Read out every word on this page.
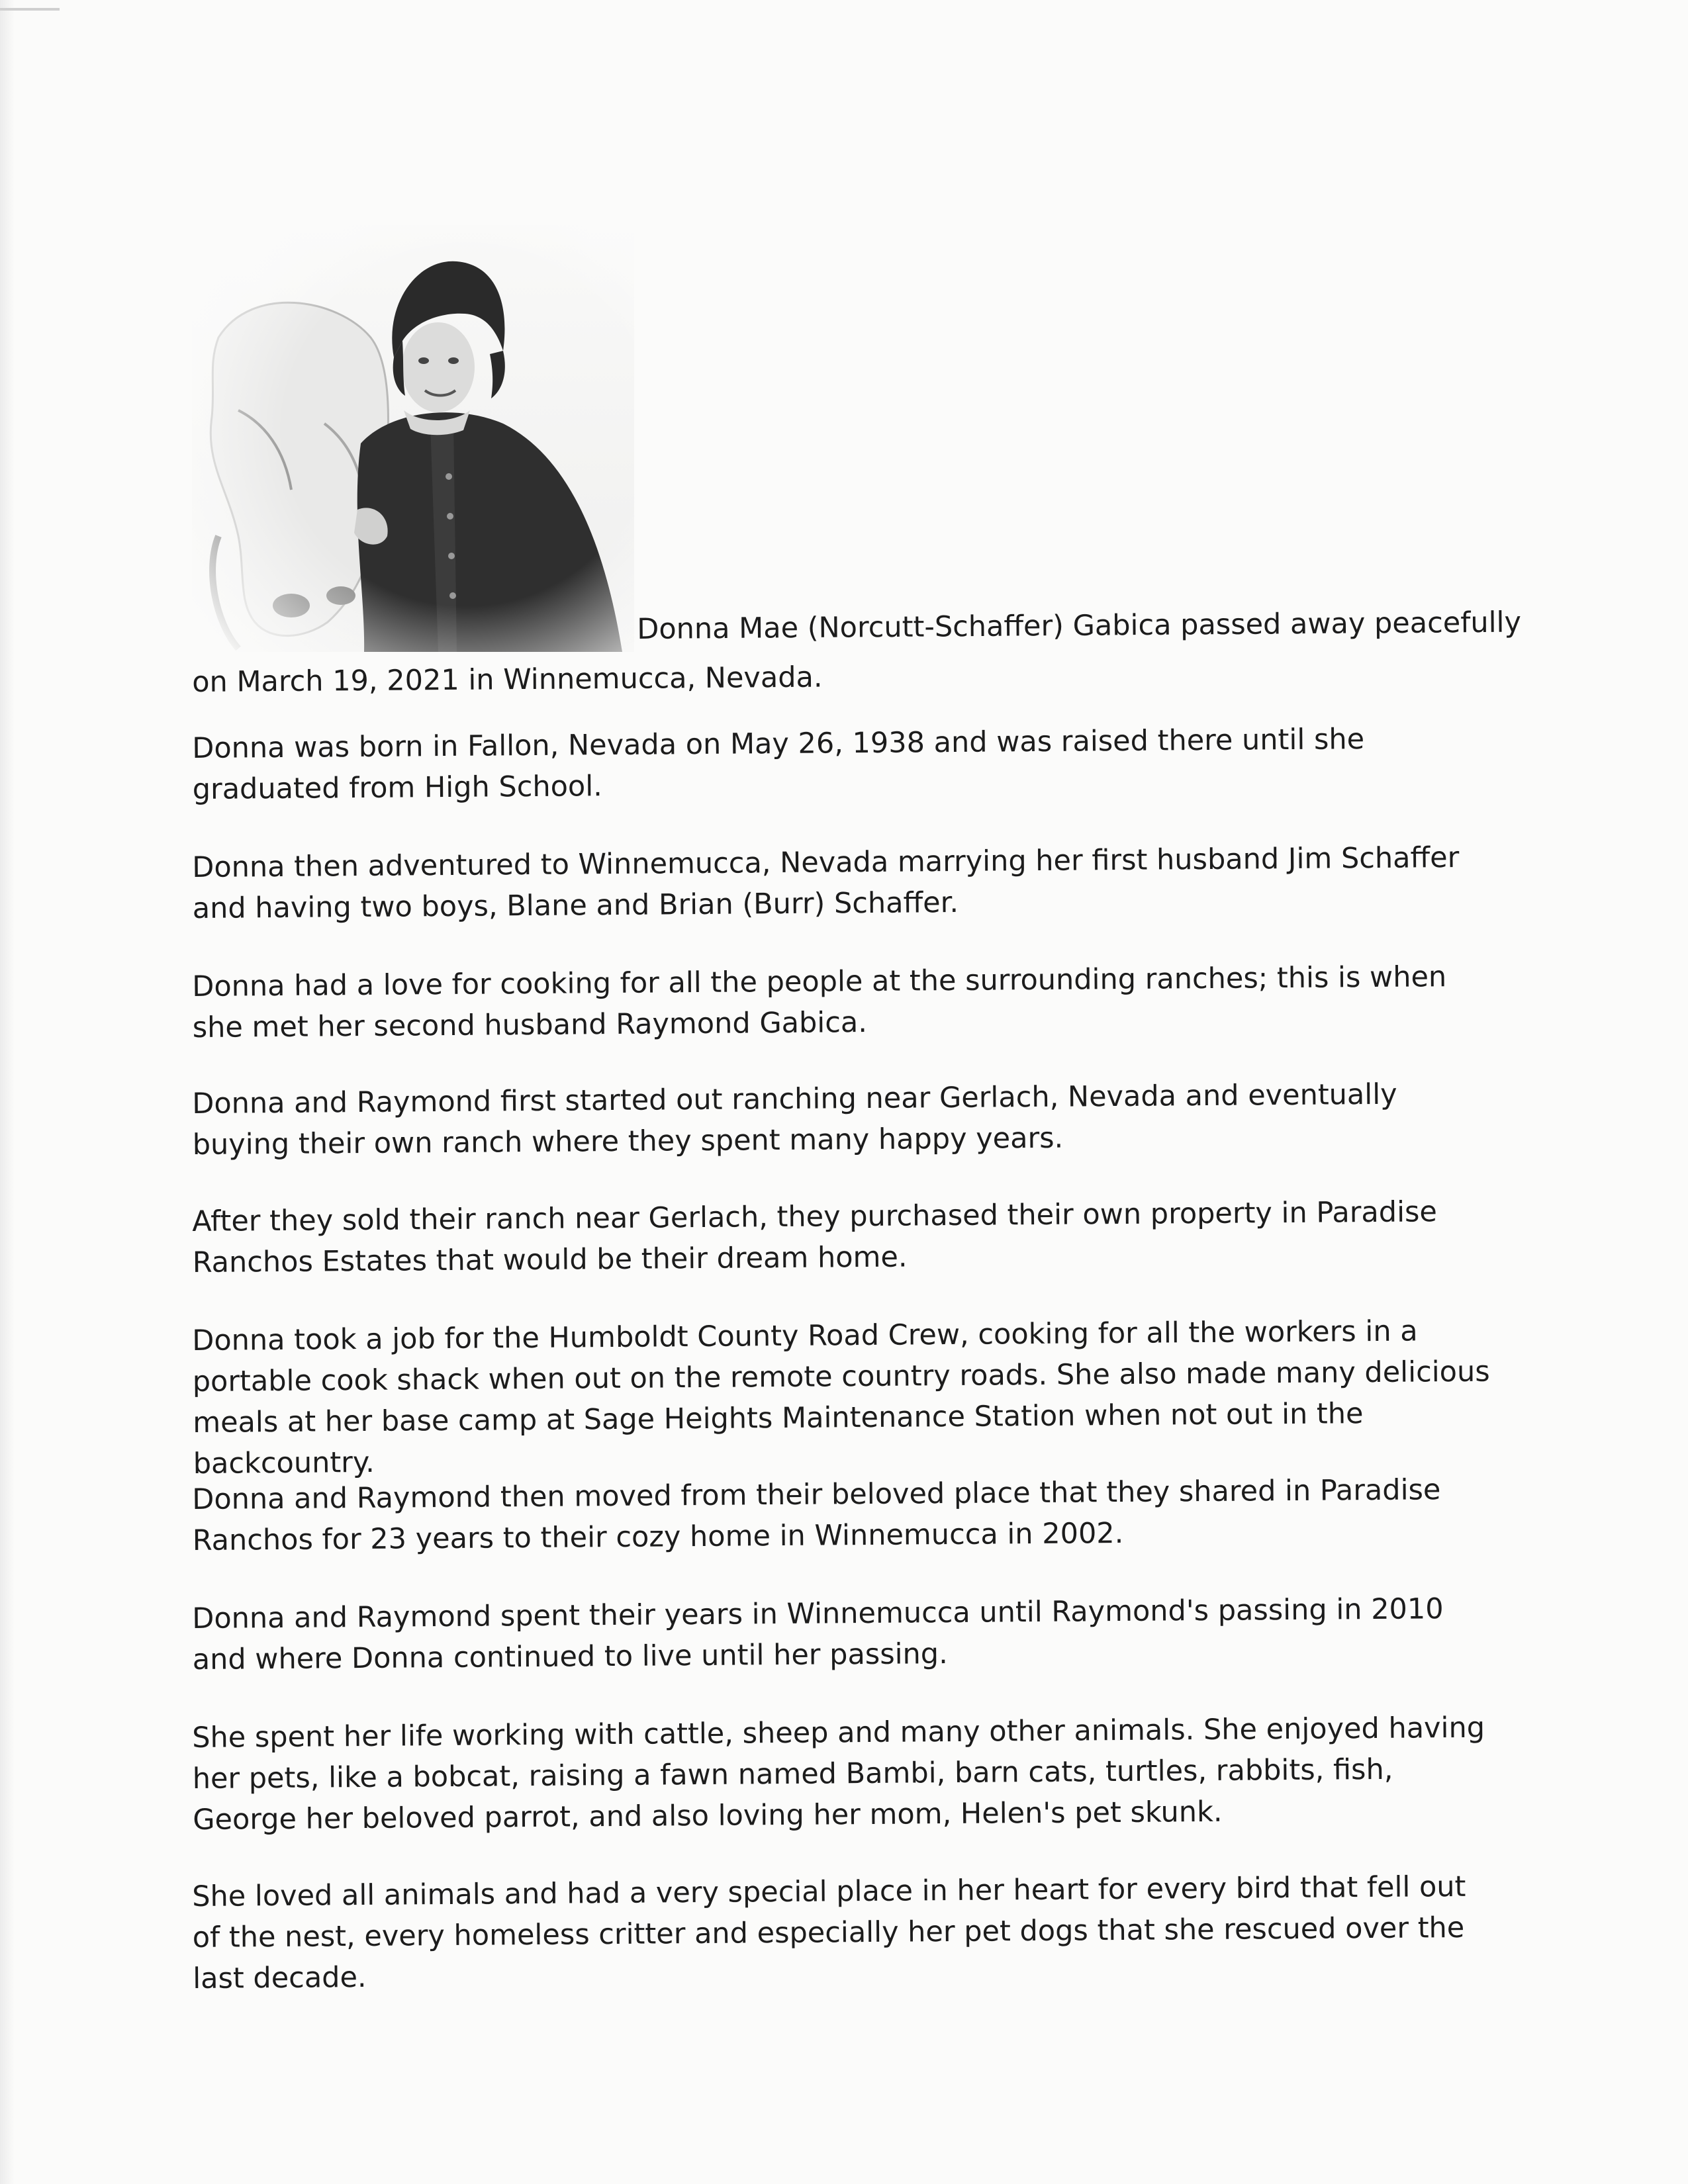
Donna Mae (Norcutt-Schaffer) Gabica passed away peacefully
on March 19, 2021 in Winnemucca, Nevada.

Donna was born in Fallon, Nevada on May 26, 1938 and was raised there until she graduated from High School.

Donna then adventured to Winnemucca, Nevada marrying her first husband Jim Schaffer and having two boys, Blane and Brian (Burr) Schaffer.

Donna had a love for cooking for all the people at the surrounding ranches; this is when she met her second husband Raymond Gabica.

Donna and Raymond first started out ranching near Gerlach, Nevada and eventually buying their own ranch where they spent many happy years.

After they sold their ranch near Gerlach, they purchased their own property in Paradise Ranchos Estates that would be their dream home.

Donna took a job for the Humboldt County Road Crew, cooking for all the workers in a portable cook shack when out on the remote country roads. She also made many delicious meals at her base camp at Sage Heights Maintenance Station when not out in the backcountry.

Donna and Raymond then moved from their beloved place that they shared in Paradise Ranchos for 23 years to their cozy home in Winnemucca in 2002.

Donna and Raymond spent their years in Winnemucca until Raymond's passing in 2010 and where Donna continued to live until her passing.

She spent her life working with cattle, sheep and many other animals. She enjoyed having her pets, like a bobcat, raising a fawn named Bambi, barn cats, turtles, rabbits, fish, George her beloved parrot, and also loving her mom, Helen's pet skunk.

She loved all animals and had a very special place in her heart for every bird that fell out of the nest, every homeless critter and especially her pet dogs that she rescued over the last decade.
